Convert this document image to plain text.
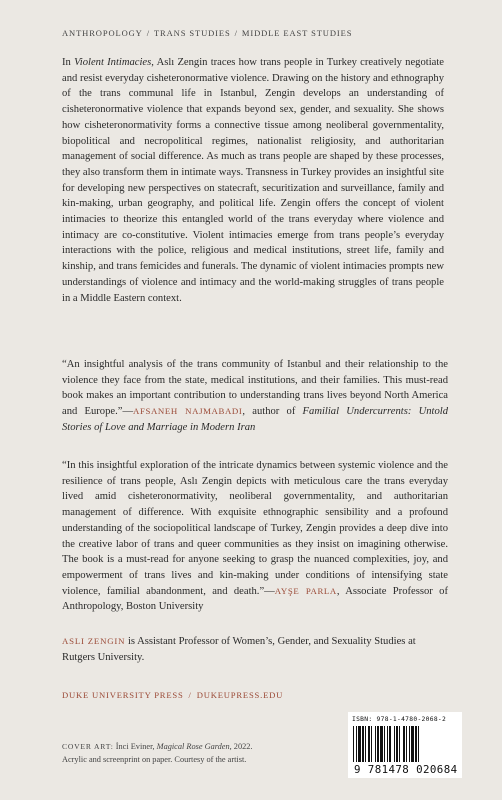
ANTHROPOLOGY / TRANS STUDIES / MIDDLE EAST STUDIES
In Violent Intimacies, Aslı Zengin traces how trans people in Turkey creatively negotiate and resist everyday cisheteronormative violence. Drawing on the history and ethnography of the trans communal life in Istanbul, Zengin develops an understanding of cisheteronormative violence that expands beyond sex, gender, and sexuality. She shows how cisheteronormativity forms a connective tissue among neoliberal governmentality, biopolitical and necropolitical regimes, nationalist religiosity, and authoritarian management of social difference. As much as trans people are shaped by these processes, they also transform them in intimate ways. Transness in Turkey provides an insightful site for developing new perspectives on statecraft, securitization and surveillance, family and kin-making, urban geography, and political life. Zengin offers the concept of violent intimacies to theorize this entangled world of the trans everyday where violence and intimacy are co-constitutive. Violent intimacies emerge from trans people’s everyday interactions with the police, religious and medical institutions, street life, family and kinship, and trans femicides and funerals. The dynamic of violent intimacies prompts new understandings of violence and intimacy and the world-making struggles of trans people in a Middle Eastern context.
“An insightful analysis of the trans community of Istanbul and their relationship to the violence they face from the state, medical institutions, and their families. This must-read book makes an important contribution to understanding trans lives beyond North America and Europe.”—AFSANEH NAJMABADI, author of Familial Undercurrents: Untold Stories of Love and Marriage in Modern Iran
“In this insightful exploration of the intricate dynamics between systemic violence and the resilience of trans people, Aslı Zengin depicts with meticulous care the trans everyday lived amid cisheteronormativity, neoliberal governmentality, and authoritarian management of difference. With exquisite ethnographic sensibility and a profound understanding of the sociopolitical landscape of Turkey, Zengin provides a deep dive into the creative labor of trans and queer communities as they insist on imagining otherwise. The book is a must-read for anyone seeking to grasp the nuanced complexities, joy, and empowerment of trans lives and kin-making under conditions of intensifying state violence, familial abandonment, and death.”—AYŞE PARLA, Associate Professor of Anthropology, Boston University
ASLI ZENGIN is Assistant Professor of Women’s, Gender, and Sexuality Studies at Rutgers University.
DUKE UNIVERSITY PRESS / DUKEUPRESS.EDU
COVER ART: İnci Eviner, Magical Rose Garden, 2022.
Acrylic and screenprint on paper. Courtesy of the artist.
ISBN: 978-1-4780-2068-2
9 781478 020684
